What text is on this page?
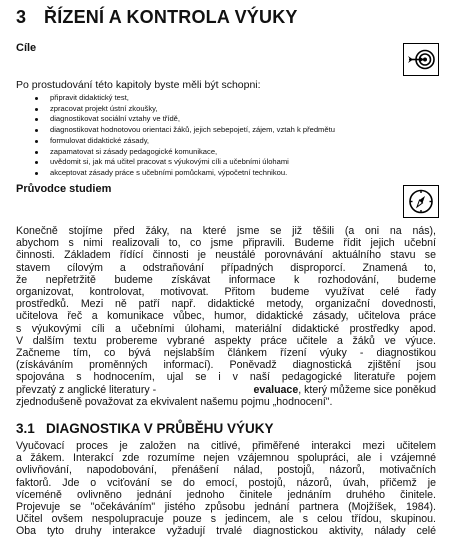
3 ŘÍZENÍ A KONTROLA VÝUKY
Cíle
Po prostudování této kapitoly byste měli být schopni:
připravit didaktický test,
zpracovat projekt ústní zkoušky,
diagnostikovat sociální vztahy ve třídě,
diagnostikovat hodnotovou orientaci žáků, jejich sebepojetí, zájem, vztah k předmětu
formulovat didaktické zásady,
zapamatovat si zásady pedagogické komunikace,
uvědomit si, jak má učitel pracovat s výukovými cíli a učebními úlohami
akceptovat zásady práce s učebními pomůckami, výpočetní technikou.
Průvodce studiem
Konečně stojíme před žáky, na které jsme se již těšili (a oni na nás),
abychom s nimi realizovali to, co jsme připravili. Budeme řídit jejich učební
činnosti. Základem řídící činnosti je neustálé porovnávání aktuálního stavu se
stavem cílovým a odstraňování případných disproporcí. Znamená to,
že nepřetržitě budeme získávat informace k rozhodování, budeme
organizovat, kontrolovat, motivovat. Přitom budeme využívat celé řady
prostředků. Mezi ně patří např. didaktické metody, organizační dovednosti,
učitelova řeč a komunikace vůbec, humor, didaktické zásady, učitelova práce
s výukovými cíli a učebními úlohami, materiální didaktické prostředky apod.
V dalším textu probereme vybrané aspekty práce učitele a žáků ve výuce.
Začneme tím, co bývá nejslabším článkem řízení výuky - diagnostikou
(získáváním proměnných informací). Poněvadž diagnostická zjištění jsou
spojována s hodnocením, ujal se i v naší pedagogické literatuře pojem
převzatý z anglické literatury -	evaluace, který můžeme sice poněkud
zjednodušeně považovat za ekvivalent našemu pojmu „hodnocení".
3.1 DIAGNOSTIKA V PRŮBĚHU VÝUKY
Vyučovací proces je založen na citlivé, přiměřené interakci mezi učitelem
a žákem. Interakcí zde rozumíme nejen vzájemnou spolupráci, ale i vzájemné
ovlivňování, napodobování, přenášení nálad, postojů, názorů, motivačních
faktorů. Jde o vciťování se do emocí, postojů, názorů, úvah, přičemž je
víceméně ovlivněno jednání jednoho činitele jednáním druhého činitele.
Projevuje se "očekáváním" jistého způsobu jednání partnera (Mojžíšek, 1984).
Učitel ovšem nespolupracuje pouze s jedincem, ale s celou třídou, skupinou.
Oba tyto druhy interakce vyžadují trvalé diagnostickou aktivity, nálady celé
